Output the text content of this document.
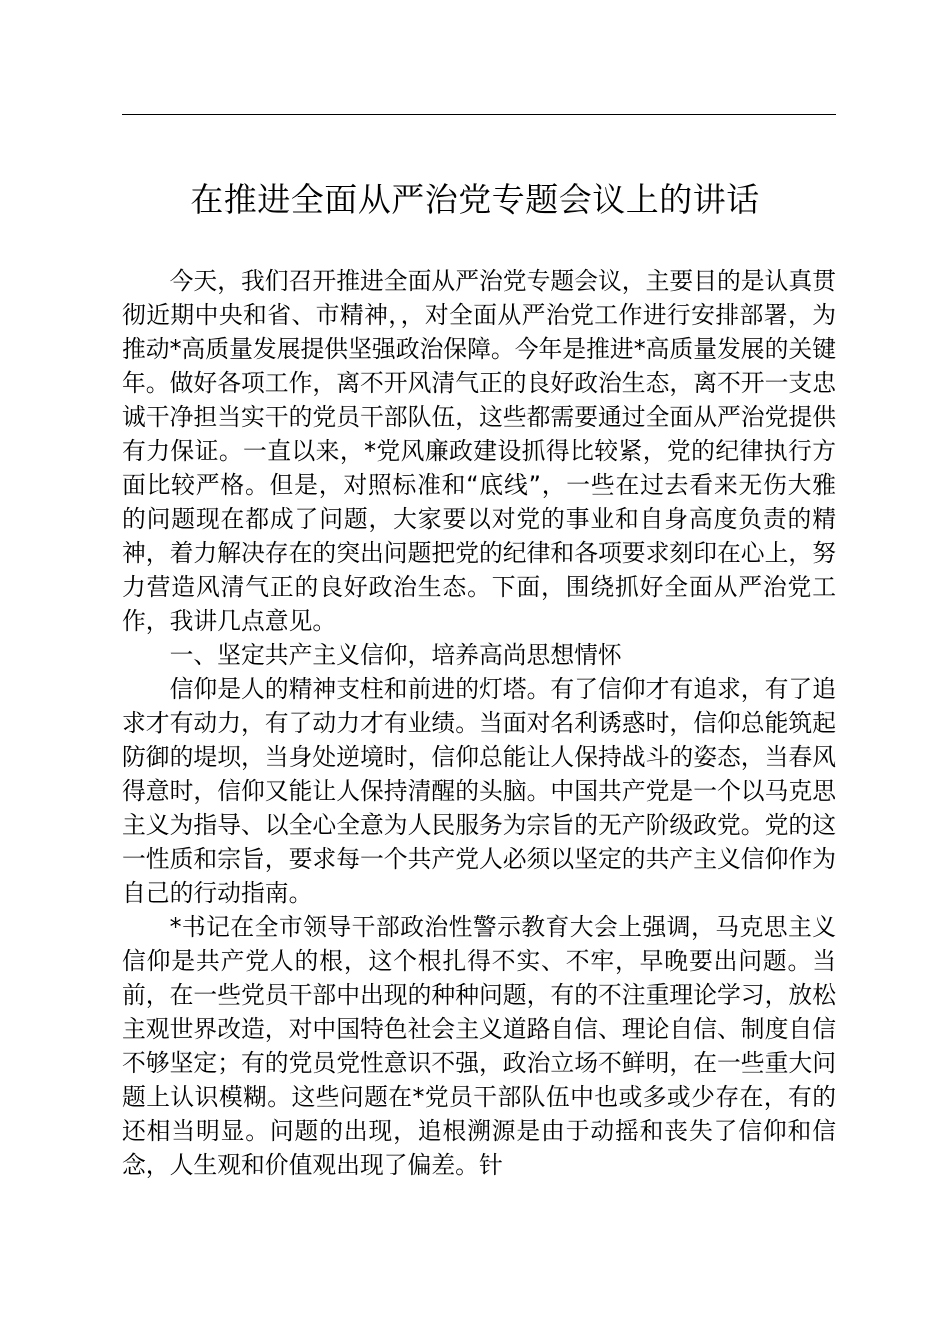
在推进全面从严治党专题会议上的讲话

今天，我们召开推进全面从严治党专题会议，主要目的是认真贯彻近期中央和省、市精神，，对全面从严治党工作进行安排部署，为推动*高质量发展提供坚强政治保障。今年是推进*高质量发展的关键年。做好各项工作，离不开风清气正的良好政治生态，离不开一支忠诚干净担当实干的党员干部队伍，这些都需要通过全面从严治党提供有力保证。一直以来，*党风廉政建设抓得比较紧，党的纪律执行方面比较严格。但是，对照标准和“底线”，一些在过去看来无伤大雅的问题现在都成了问题，大家要以对党的事业和自身高度负责的精神，着力解决存在的突出问题把党的纪律和各项要求刻印在心上，努力营造风清气正的良好政治生态。下面，围绕抓好全面从严治党工作，我讲几点意见。

一、坚定共产主义信仰，培养高尚思想情怀

信仰是人的精神支柱和前进的灯塔。有了信仰才有追求，有了追求才有动力，有了动力才有业绩。当面对名利诱惑时，信仰总能筑起防御的堤坝，当身处逆境时，信仰总能让人保持战斗的姿态，当春风得意时，信仰又能让人保持清醒的头脑。中国共产党是一个以马克思主义为指导、以全心全意为人民服务为宗旨的无产阶级政党。党的这一性质和宗旨，要求每一个共产党人必须以坚定的共产主义信仰作为自己的行动指南。

*书记在全市领导干部政治性警示教育大会上强调，马克思主义信仰是共产党人的根，这个根扎得不实、不牢，早晚要出问题。当前，在一些党员干部中出现的种种问题，有的不注重理论学习，放松主观世界改造，对中国特色社会主义道路自信、理论自信、制度自信不够坚定；有的党员党性意识不强，政治立场不鲜明，在一些重大问题上认识模糊。这些问题在*党员干部队伍中也或多或少存在，有的还相当明显。问题的出现，追根溯源是由于动摇和丧失了信仰和信念，人生观和价值观出现了偏差。针
